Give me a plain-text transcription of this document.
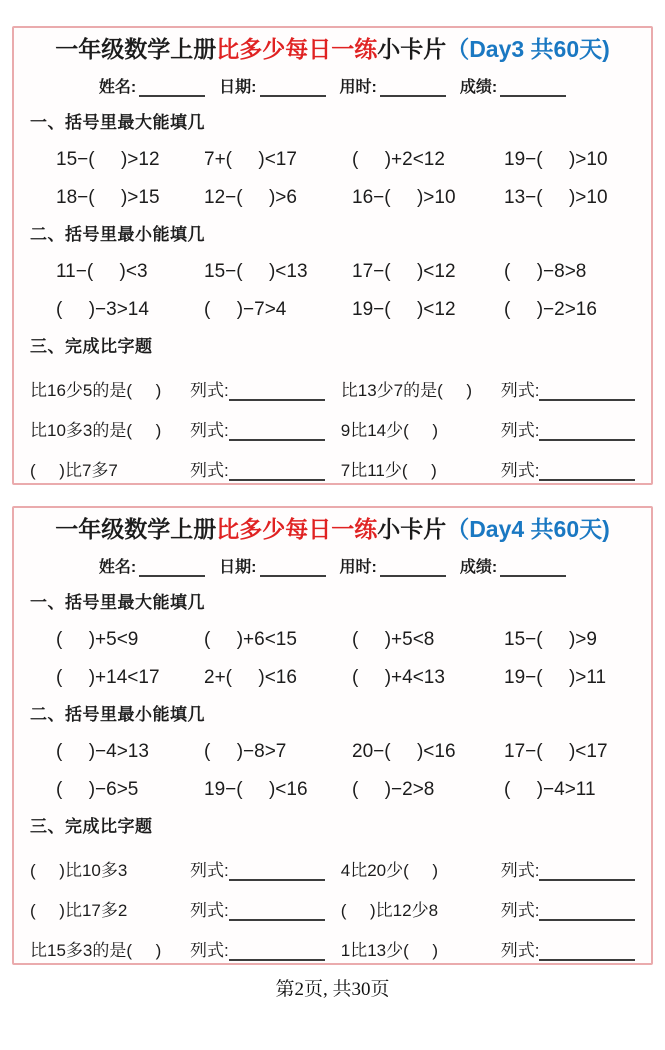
一年级数学上册比多少每日一练小卡片（Day3 共60天)
姓名:	日期:	用时:	成绩:
一、括号里最大能填几
15−(     )>12	7+(     )<17	(     )+2<12	19−(     )>10
18−(     )>15	12−(     )>6	16−(     )>10	13−(     )>10
二、括号里最小能填几
11−(     )<3	15−(     )<13	17−(     )<12	(     )−8>8
(     )−3>14	(     )−7>4	19−(     )<12	(     )−2>16
三、完成比字题
比16少5的是(     )	列式:	比13少7的是(     )	列式:
比10多3的是(     )	列式:	9比14少(     )	列式:
(     )比7多7	列式:	7比11少(     )	列式:
一年级数学上册比多少每日一练小卡片（Day4 共60天)
姓名:	日期:	用时:	成绩:
一、括号里最大能填几
(     )+5<9	(     )+6<15	(     )+5<8	15−(     )>9
(     )+14<17	2+(     )<16	(     )+4<13	19−(     )>11
二、括号里最小能填几
(     )−4>13	(     )−8>7	20−(     )<16	17−(     )<17
(     )−6>5	19−(     )<16	(     )−2>8	(     )−4>11
三、完成比字题
(     )比10多3	列式:	4比20少(     )	列式:
(     )比17多2	列式:	(     )比12少8	列式:
比15多3的是(     )	列式:	1比13少(     )	列式:
第2页, 共30页
